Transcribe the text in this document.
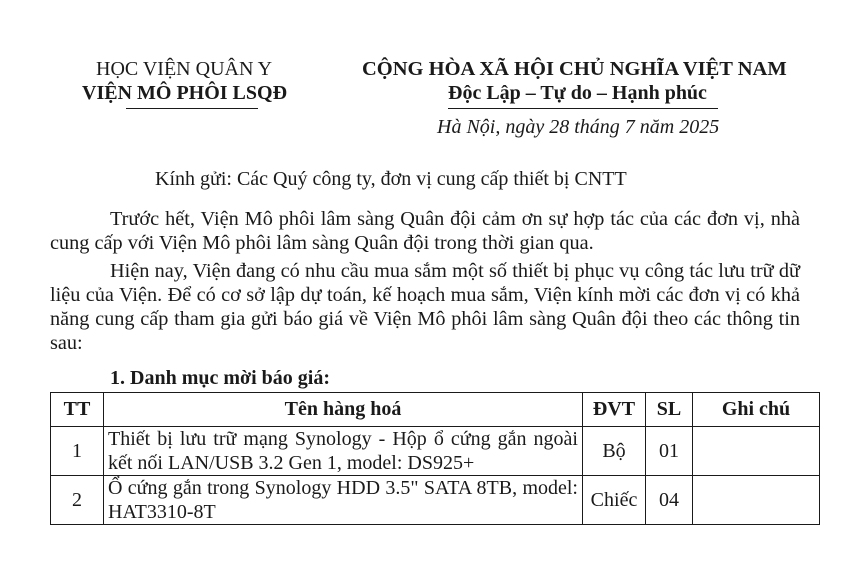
HỌC VIỆN QUÂN Y
VIỆN MÔ PHÔI LSQĐ
CỘNG HÒA XÃ HỘI CHỦ NGHĨA VIỆT NAM
Độc Lập – Tự do – Hạnh phúc
Hà Nội, ngày 28 tháng 7 năm 2025
Kính gửi: Các Quý công ty, đơn vị cung cấp thiết bị CNTT
Trước hết, Viện Mô phôi lâm sàng Quân đội cảm ơn sự hợp tác của các đơn vị, nhà cung cấp với Viện Mô phôi lâm sàng Quân đội trong thời gian qua.
Hiện nay, Viện đang có nhu cầu mua sắm một số thiết bị phục vụ công tác lưu trữ dữ liệu của Viện. Để có cơ sở lập dự toán, kế hoạch mua sắm, Viện kính mời các đơn vị có khả năng cung cấp tham gia gửi báo giá về Viện Mô phôi lâm sàng Quân đội theo các thông tin sau:
1. Danh mục mời báo giá:
TT	Tên hàng hoá	ĐVT	SL	Ghi chú
1	Thiết bị lưu trữ mạng Synology - Hộp ổ cứng gắn ngoài kết nối LAN/USB 3.2 Gen 1, model: DS925+	Bộ	01	
2	Ổ cứng gắn trong Synology HDD 3.5" SATA 8TB, model: HAT3310-8T	Chiếc	04	
